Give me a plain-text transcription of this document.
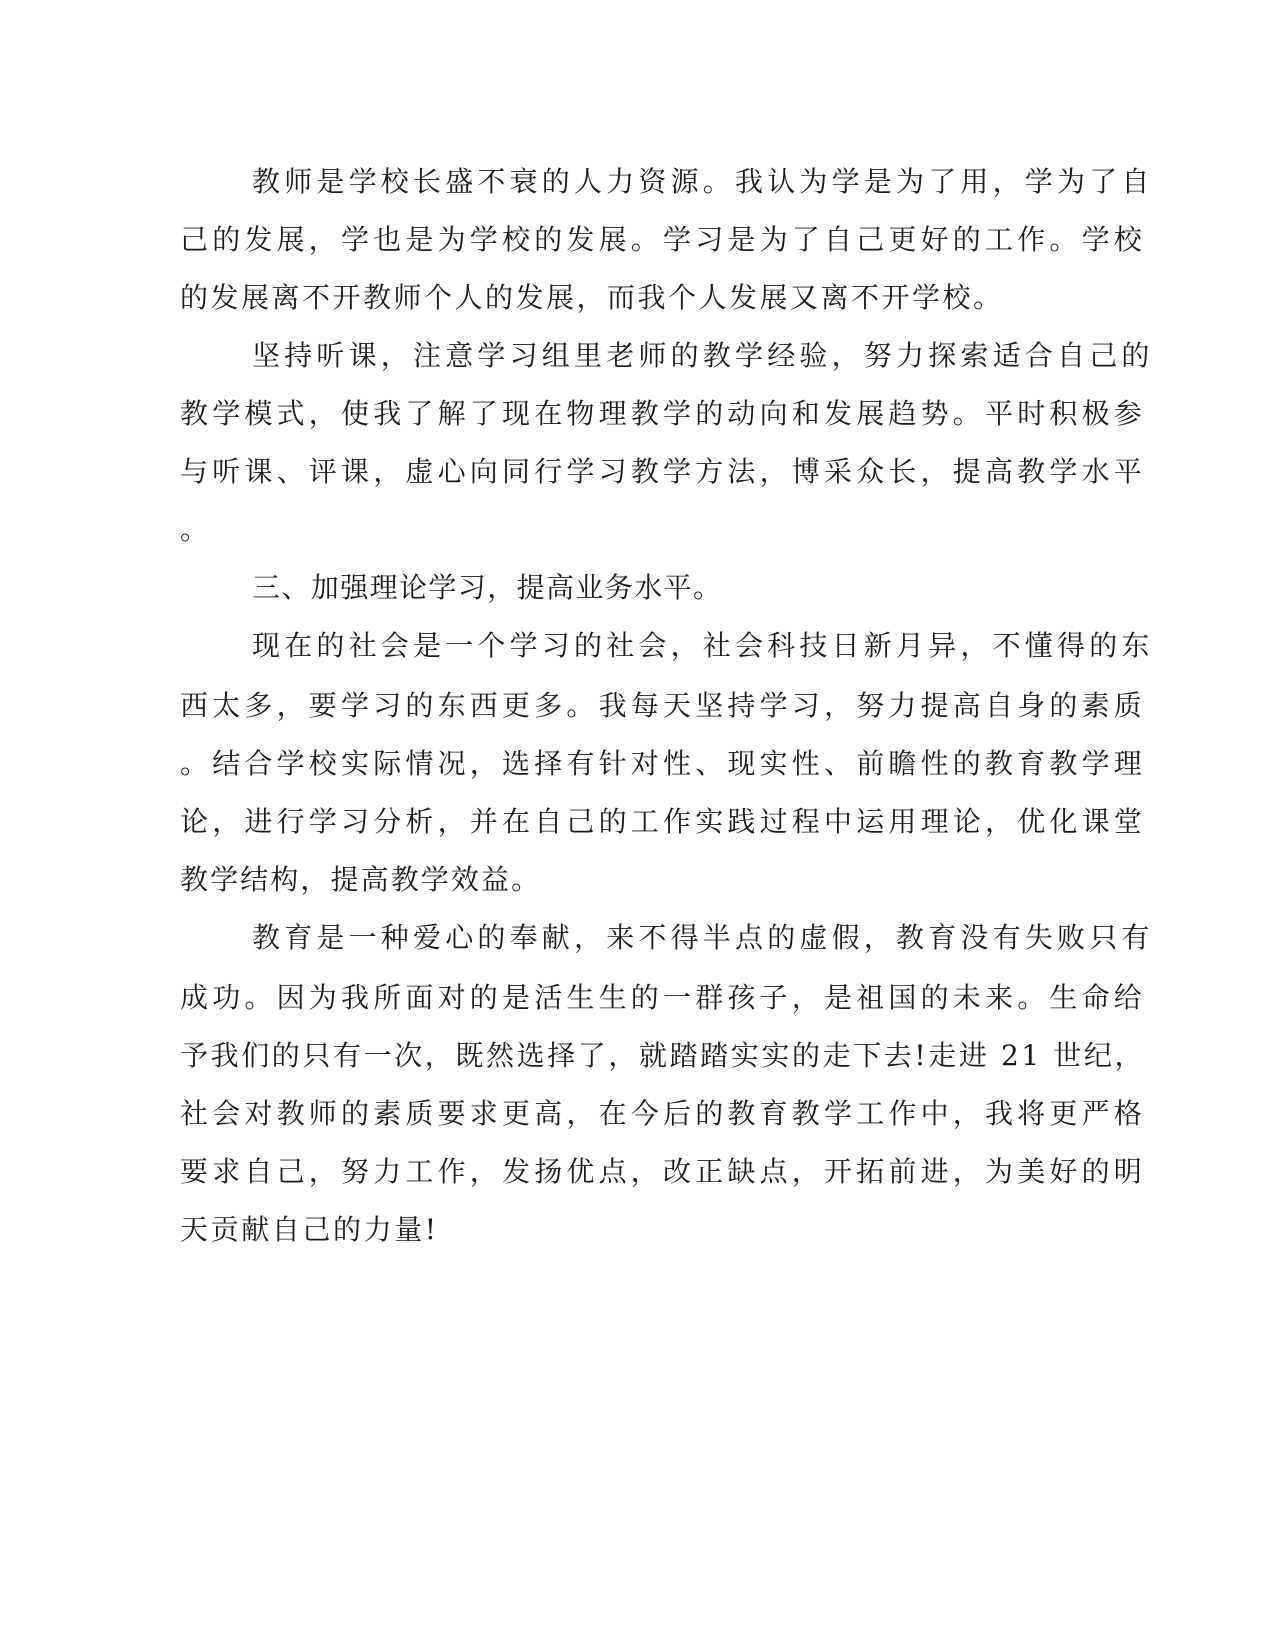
教师是学校长盛不衰的人力资源。我认为学是为了用，学为了自
己的发展，学也是为学校的发展。学习是为了自己更好的工作。学校
的发展离不开教师个人的发展，而我个人发展又离不开学校。
坚持听课，注意学习组里老师的教学经验，努力探索适合自己的
教学模式，使我了解了现在物理教学的动向和发展趋势。平时积极参
与听课、评课，虚心向同行学习教学方法，博采众长，提高教学水平
。
三、加强理论学习，提高业务水平。
现在的社会是一个学习的社会，社会科技日新月异，不懂得的东
西太多，要学习的东西更多。我每天坚持学习，努力提高自身的素质
。结合学校实际情况，选择有针对性、现实性、前瞻性的教育教学理
论，进行学习分析，并在自己的工作实践过程中运用理论，优化课堂
教学结构，提高教学效益。
教育是一种爱心的奉献，来不得半点的虚假，教育没有失败只有
成功。因为我所面对的是活生生的一群孩子，是祖国的未来。生命给
予我们的只有一次，既然选择了，就踏踏实实的走下去!走进 21 世纪，
社会对教师的素质要求更高，在今后的教育教学工作中，我将更严格
要求自己，努力工作，发扬优点，改正缺点，开拓前进，为美好的明
天贡献自己的力量!
